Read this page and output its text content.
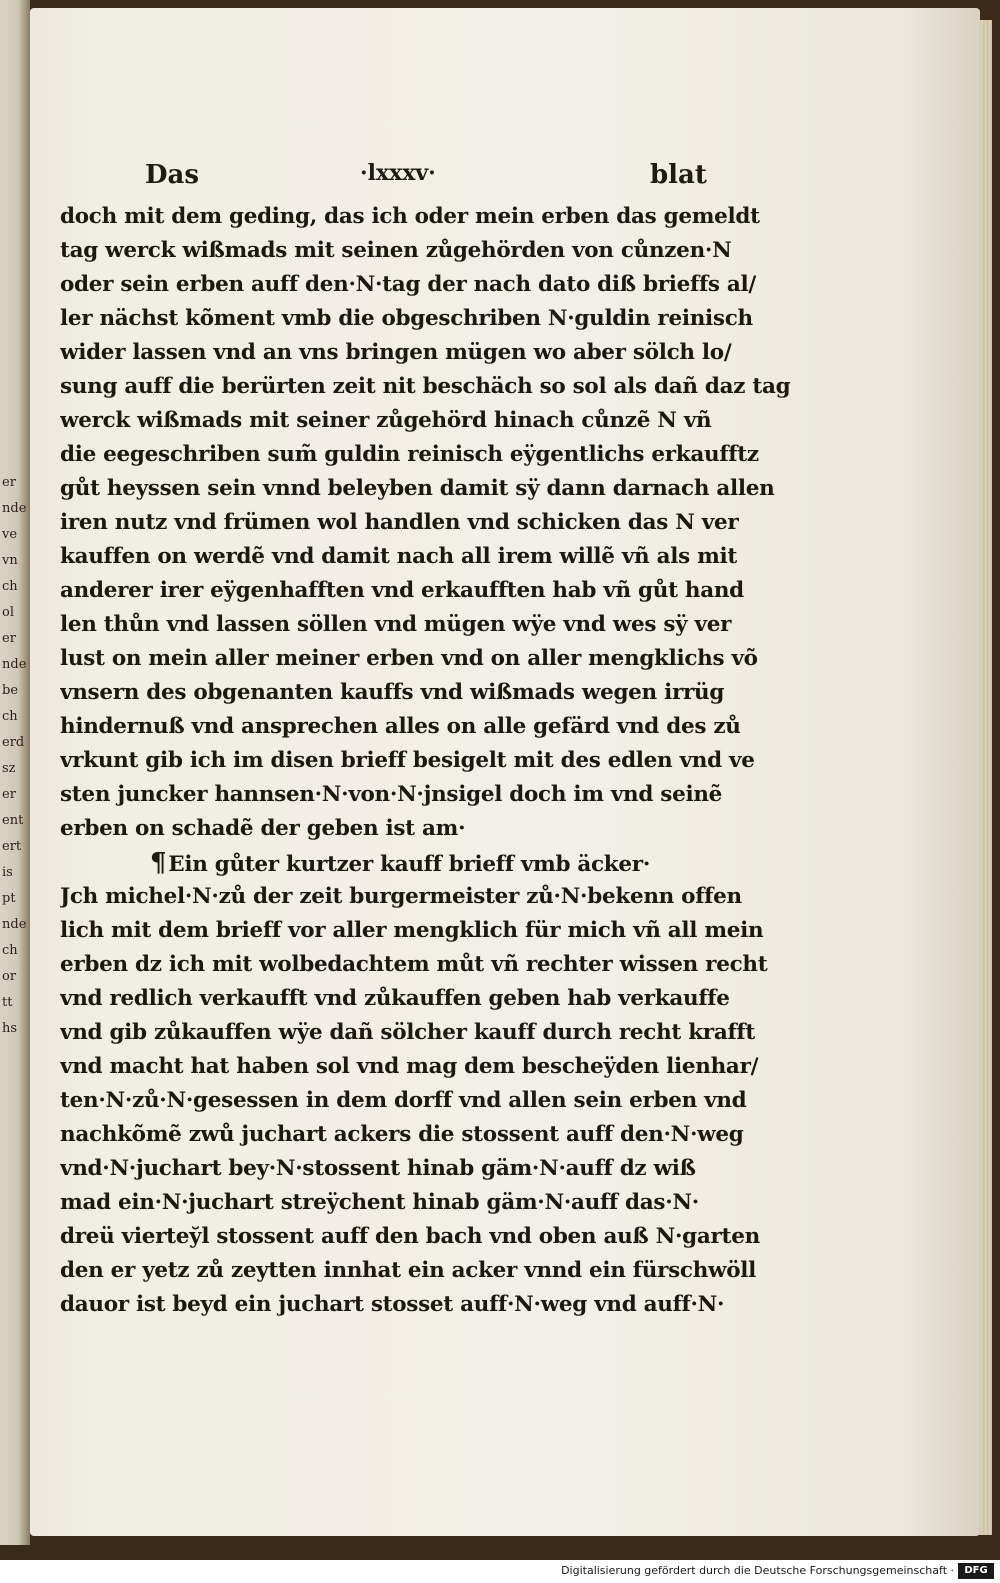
er
nde
ve
vn
ch
ol
er
nde
be
ch
erd
sz
er
ent
ert
is
pt
nde
ch
or
tt
hs
Das	·lxxxv·	blat
doch mit dem geding, das ich oder mein erben das gemeldt
tag werck wißmads mit seinen zůgehörden von cůnzen·N
oder sein erben auff den·N·tag der nach dato diß brieffs al/
ler nächst kõment vmb die obgeschriben N·guldin reinisch
wider lassen vnd an vns bringen mügen wo aber sölch lo/
sung auff die berürten zeit nit beschäch so sol als dañ daz tag
werck wißmads mit seiner zůgehörd hinach cůnzẽ N vñ
die eegeschriben sum̃ guldin reinisch eÿgentlichs erkaufftz
gůt heyssen sein vnnd beleyben damit sÿ dann darnach allen
iren nutz vnd frümen wol handlen vnd schicken das N ver
kauffen on werdẽ vnd damit nach all irem willẽ vñ als mit
anderer irer eÿgenhafften vnd erkaufften hab vñ gůt hand
len thůn vnd lassen söllen vnd mügen wÿe vnd wes sÿ ver
lust on mein aller meiner erben vnd on aller mengklichs võ
vnsern des obgenanten kauffs vnd wißmads wegen irrüg
hindernuß vnd ansprechen alles on alle gefärd vnd des zů
vrkunt gib ich im disen brieff besigelt mit des edlen vnd ve
sten juncker hannsen·N·von·N·jnsigel doch im vnd seinẽ
erben on schadẽ der geben ist am·
¶Ein gůter kurtzer kauff brieff vmb äcker·
Jch michel·N·zů der zeit burgermeister zů·N·bekenn offen
lich mit dem brieff vor aller mengklich für mich vñ all mein
erben dz ich mit wolbedachtem můt vñ rechter wissen recht
vnd redlich verkaufft vnd zůkauffen geben hab verkauffe
vnd gib zůkauffen wÿe dañ sölcher kauff durch recht krafft
vnd macht hat haben sol vnd mag dem bescheÿden lienhar/
ten·N·zů·N·gesessen in dem dorff vnd allen sein erben vnd
nachkõmẽ zwů juchart ackers die stossent auff den·N·weg
vnd·N·juchart bey·N·stossent hinab gäm·N·auff dz wiß
mad ein·N·juchart streÿchent hinab gäm·N·auff das·N·
dreü viertey̆l stossent auff den bach vnd oben auß N·garten
den er yetz zů zeytten innhat ein acker vnnd ein fürschwöll
dauor ist beyd ein juchart stosset auff·N·weg vnd auff·N·
Digitalisierung gefördert durch die Deutsche Forschungsgemeinschaft ·	DFG
